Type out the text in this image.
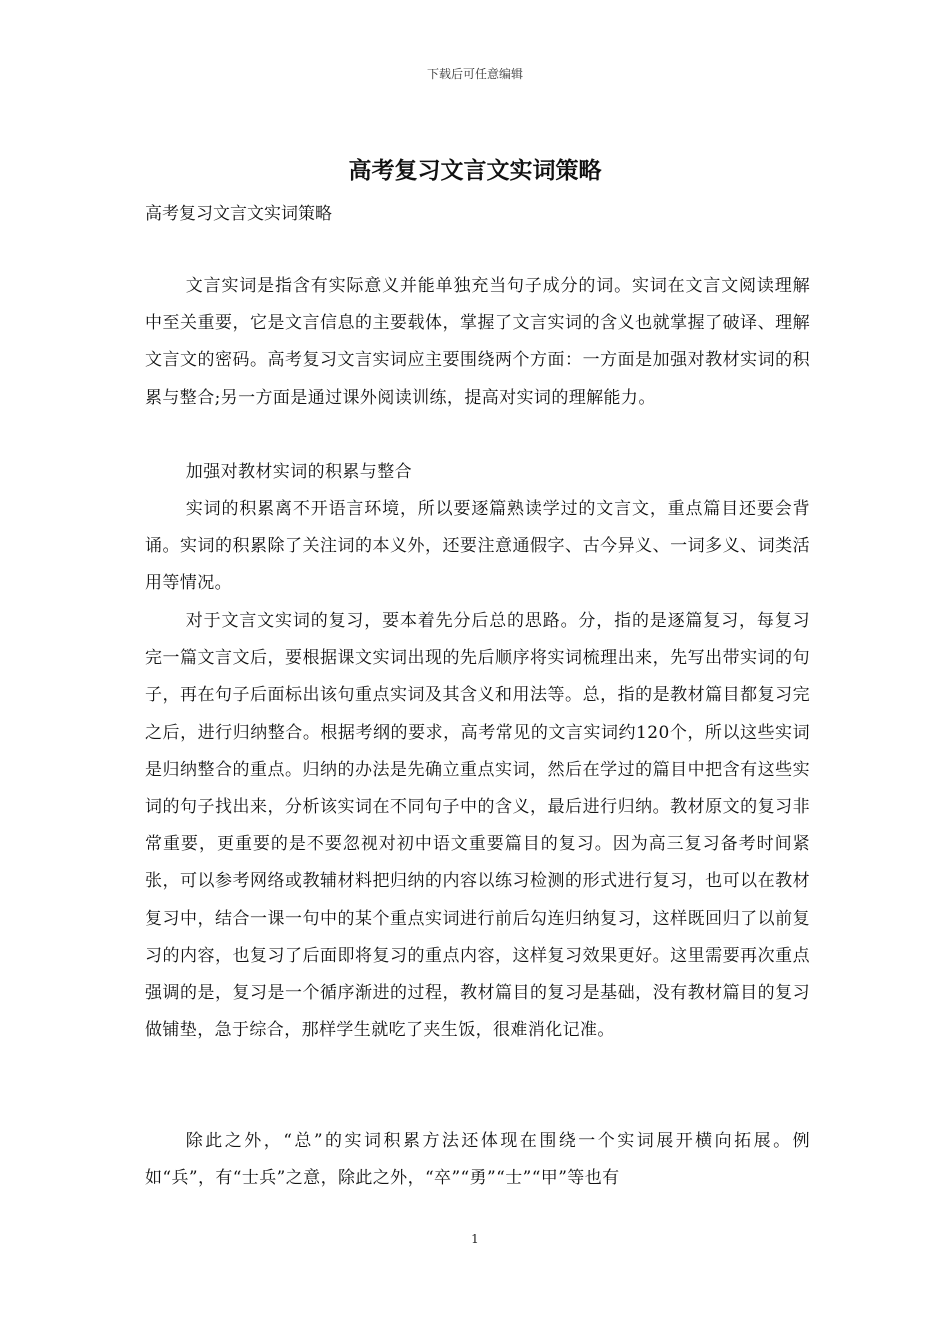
下载后可任意编辑
高考复习文言文实词策略

高考复习文言文实词策略

文言实词是指含有实际意义并能单独充当句子成分的词。实词在文言文阅读理解中至关重要，它是文言信息的主要载体，掌握了文言实词的含义也就掌握了破译、理解文言文的密码。高考复习文言实词应主要围绕两个方面：一方面是加强对教材实词的积累与整合;另一方面是通过课外阅读训练，提高对实词的理解能力。

加强对教材实词的积累与整合

实词的积累离不开语言环境，所以要逐篇熟读学过的文言文，重点篇目还要会背诵。实词的积累除了关注词的本义外，还要注意通假字、古今异义、一词多义、词类活用等情况。

对于文言文实词的复习，要本着先分后总的思路。分，指的是逐篇复习，每复习完一篇文言文后，要根据课文实词出现的先后顺序将实词梳理出来，先写出带实词的句子，再在句子后面标出该句重点实词及其含义和用法等。总，指的是教材篇目都复习完之后，进行归纳整合。根据考纲的要求，高考常见的文言实词约120个，所以这些实词是归纳整合的重点。归纳的办法是先确立重点实词，然后在学过的篇目中把含有这些实词的句子找出来，分析该实词在不同句子中的含义，最后进行归纳。教材原文的复习非常重要，更重要的是不要忽视对初中语文重要篇目的复习。因为高三复习备考时间紧张，可以参考网络或教辅材料把归纳的内容以练习检测的形式进行复习，也可以在教材复习中，结合一课一句中的某个重点实词进行前后勾连归纳复习，这样既回归了以前复习的内容，也复习了后面即将复习的重点内容，这样复习效果更好。这里需要再次重点强调的是，复习是一个循序渐进的过程，教材篇目的复习是基础，没有教材篇目的复习做铺垫，急于综合，那样学生就吃了夹生饭，很难消化记准。

除此之外，“总”的实词积累方法还体现在围绕一个实词展开横向拓展。例如“兵”，有“士兵”之意，除此之外，“卒”“勇”“士”“甲”等也有

1
